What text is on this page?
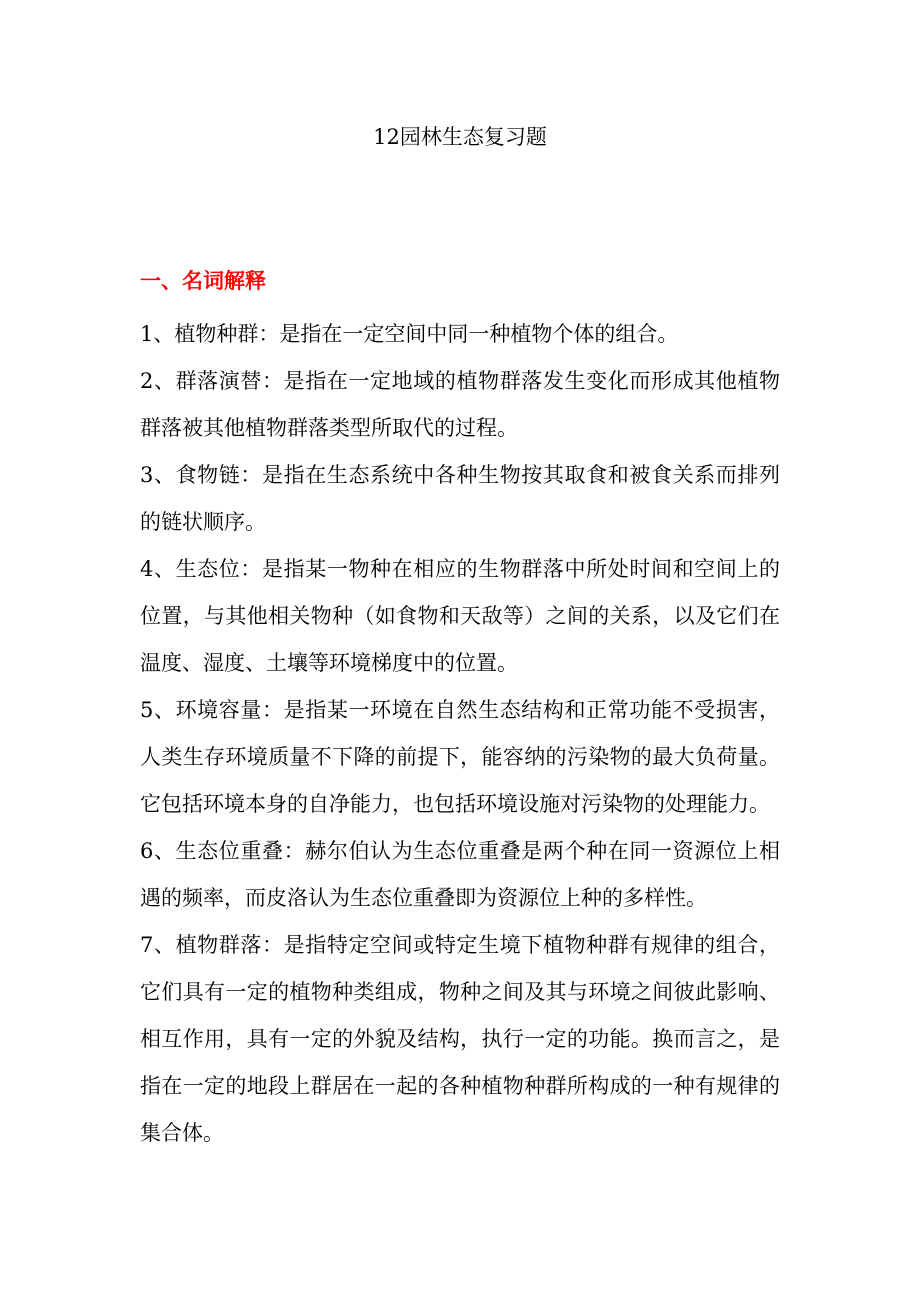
12园林生态复习题
一、名词解释

1、植物种群：是指在一定空间中同一种植物个体的组合。

2、群落演替：是指在一定地域的植物群落发生变化而形成其他植物群落被其他植物群落类型所取代的过程。

3、食物链：是指在生态系统中各种生物按其取食和被食关系而排列的链状顺序。

4、生态位：是指某一物种在相应的生物群落中所处时间和空间上的位置，与其他相关物种（如食物和天敌等）之间的关系，以及它们在温度、湿度、土壤等环境梯度中的位置。

5、环境容量：是指某一环境在自然生态结构和正常功能不受损害，人类生存环境质量不下降的前提下，能容纳的污染物的最大负荷量。它包括环境本身的自净能力，也包括环境设施对污染物的处理能力。

6、生态位重叠：赫尔伯认为生态位重叠是两个种在同一资源位上相遇的频率，而皮洛认为生态位重叠即为资源位上种的多样性。

7、植物群落：是指特定空间或特定生境下植物种群有规律的组合，它们具有一定的植物种类组成，物种之间及其与环境之间彼此影响、相互作用，具有一定的外貌及结构，执行一定的功能。换而言之，是指在一定的地段上群居在一起的各种植物种群所构成的一种有规律的集合体。
